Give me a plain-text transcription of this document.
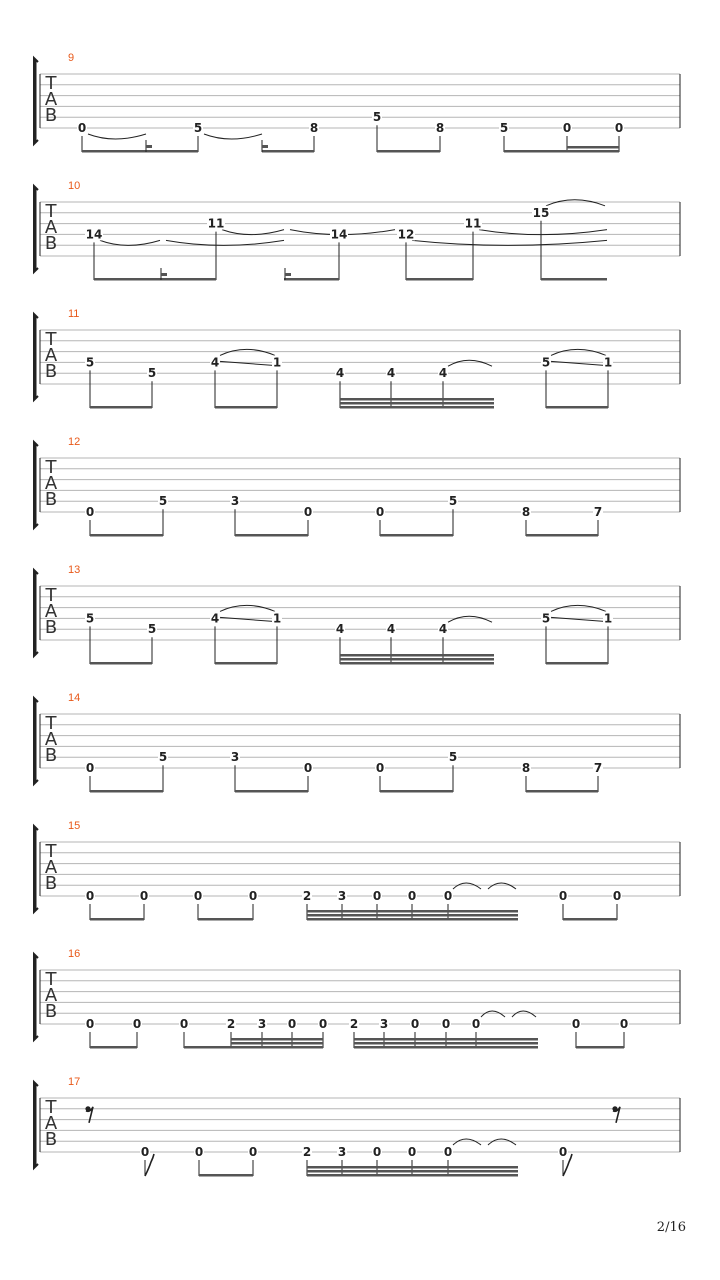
T
A
B
9
0	5	8
5
8	5	0	0
T
A
B
10
14
11
14	12
11
15
T
A
B
11
5
5
4	1
4	4	4
5	1
T
A
B
12
0
5	3
0	0
5
8	7
T
A
B
13
5
5
4	1
4	4	4
5	1
T
A
B
14
0
5	3
0	0
5
8	7
T
A
B
15
0	0	0	0	2 3 0 0 0	0	0
T
A
B
16
0	0	0	2 3 0 0 2 3 0 0 0	0	0
T
A
B
17
0	0	0	2 3 0 0 0	0
2/16
